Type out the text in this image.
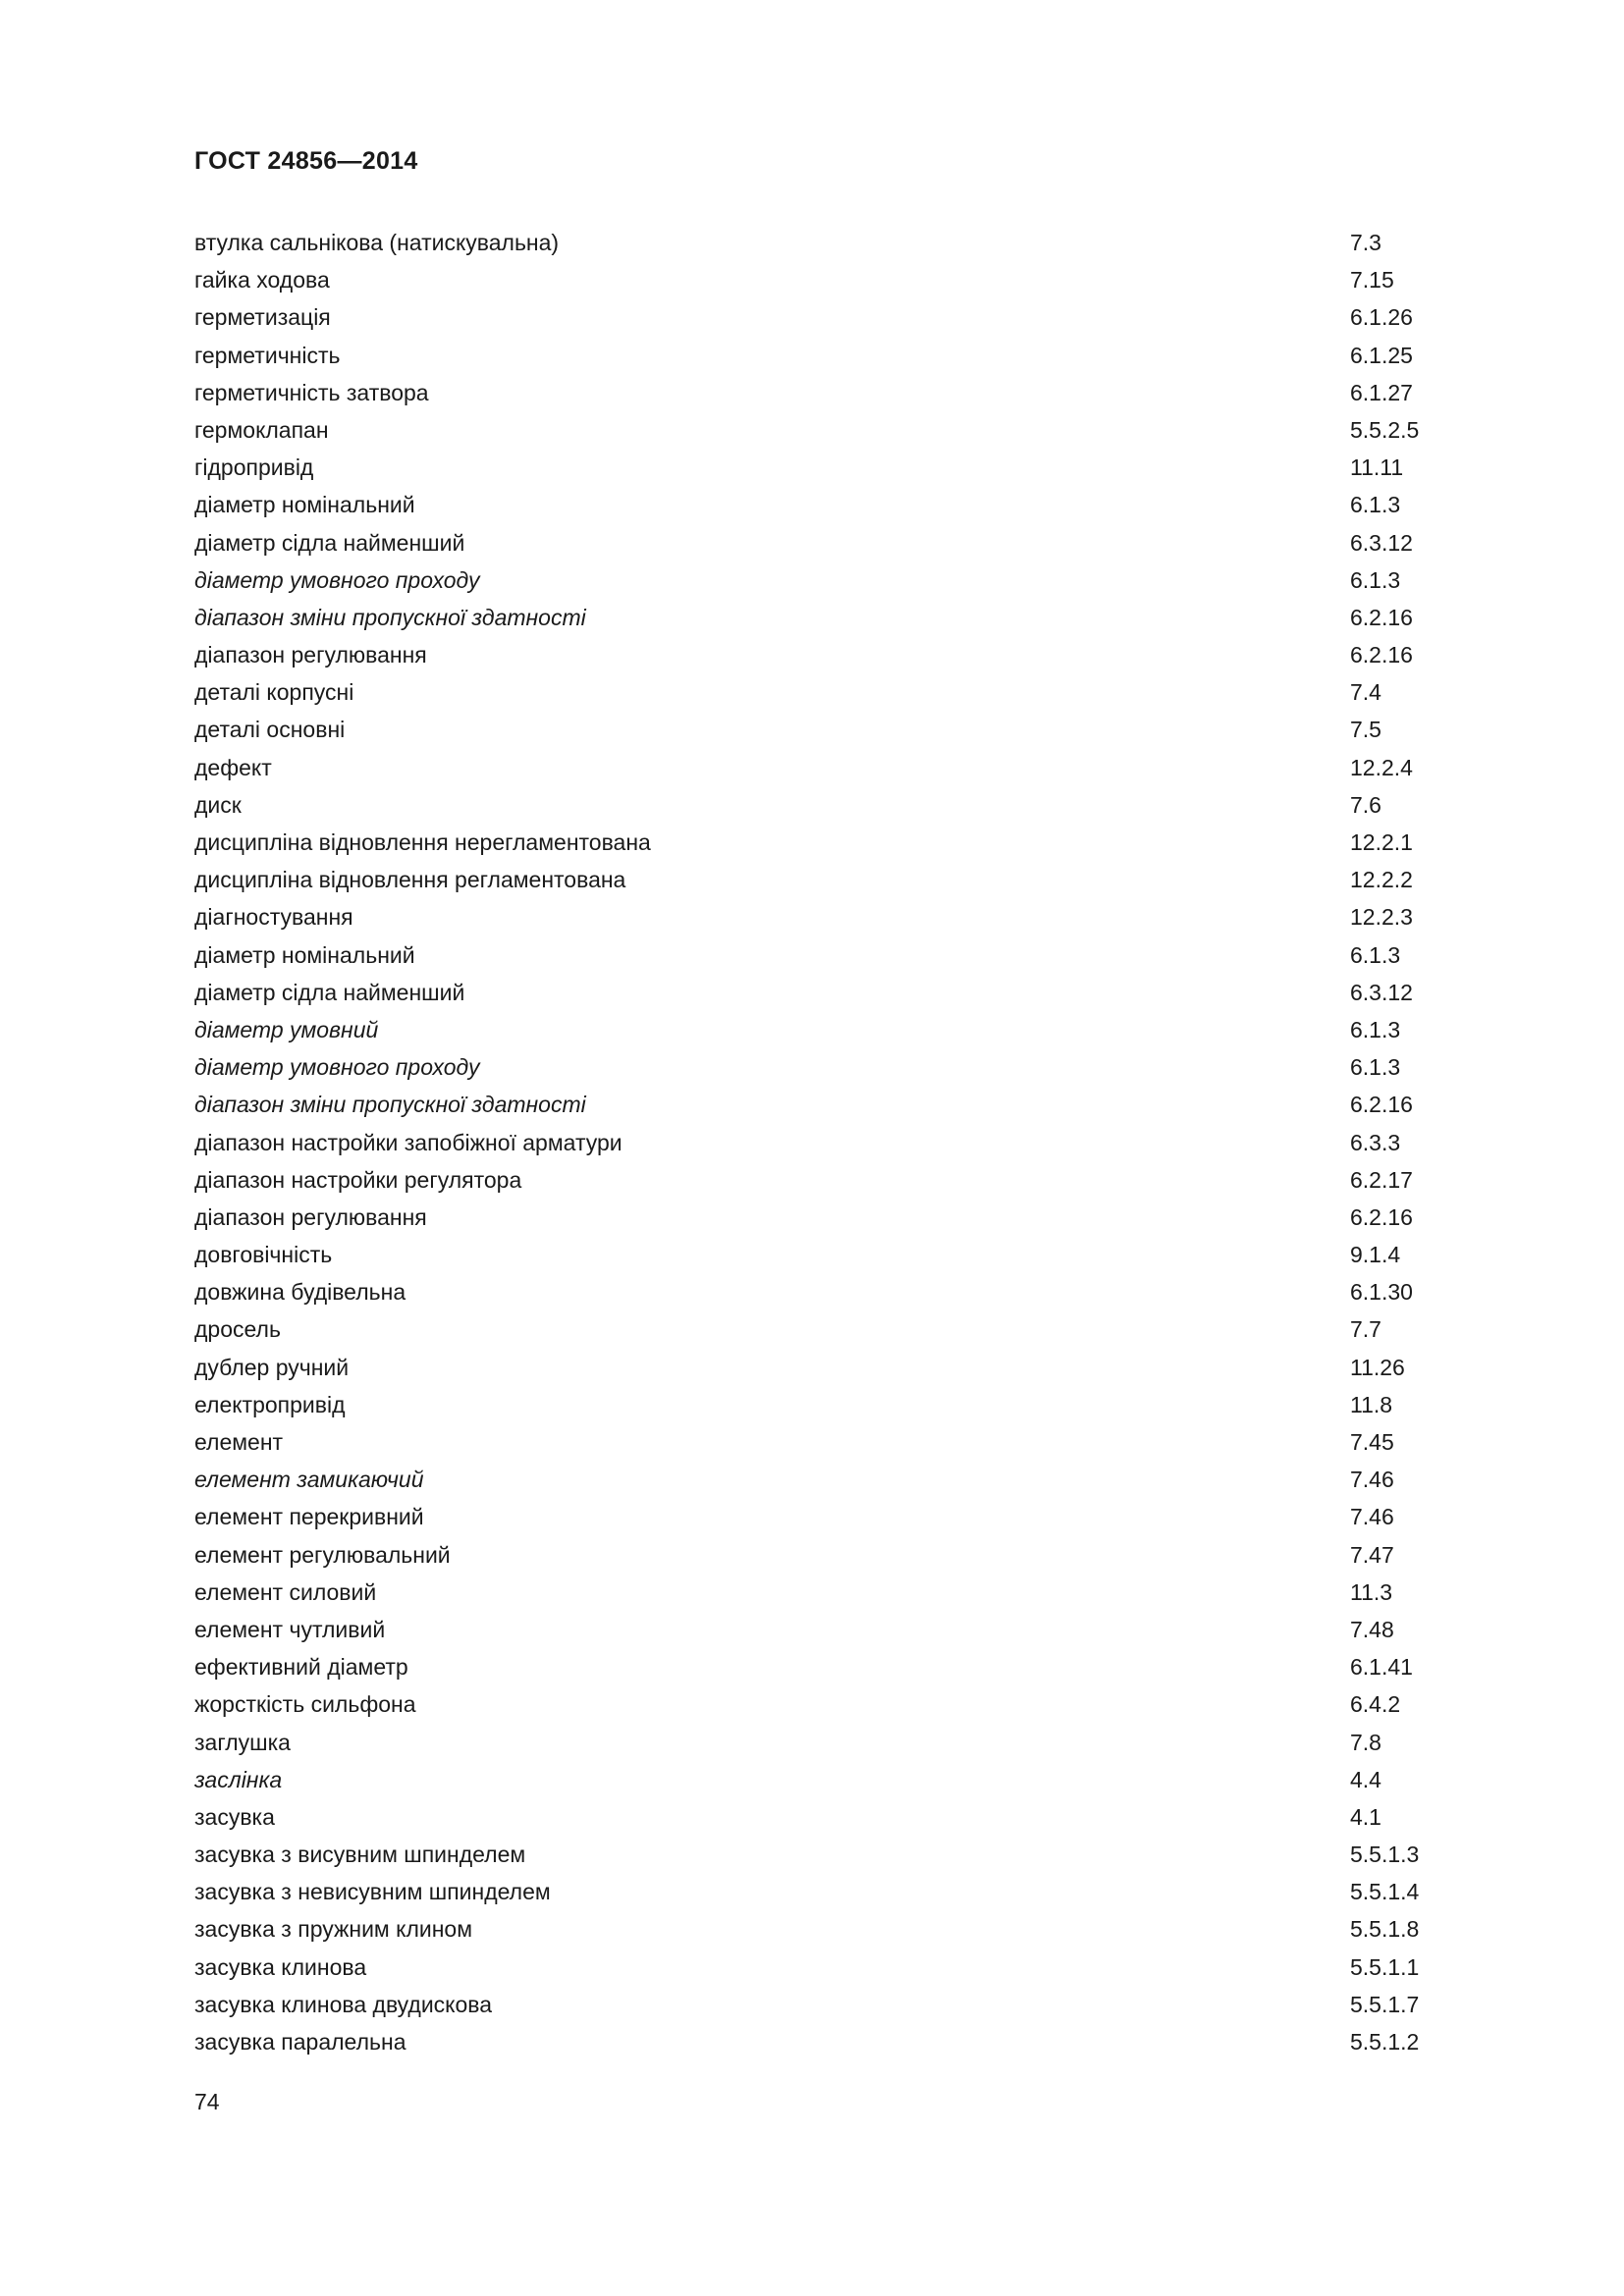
ГОСТ 24856—2014
втулка сальнікова (натискувальна)	7.3
гайка ходова	7.15
герметизація	6.1.26
герметичність	6.1.25
герметичність затвора	6.1.27
гермоклапан	5.5.2.5
гідропривід	11.11
діаметр номінальний	6.1.3
діаметр сідла найменший	6.3.12
діаметр умовного проходу	6.1.3
діапазон зміни пропускної здатності	6.2.16
діапазон регулювання	6.2.16
деталі корпусні	7.4
деталі основні	7.5
дефект	12.2.4
диск	7.6
дисципліна відновлення нерегламентована	12.2.1
дисципліна відновлення регламентована	12.2.2
діагностування	12.2.3
діаметр номінальний	6.1.3
діаметр сідла найменший	6.3.12
діаметр умовний	6.1.3
діаметр умовного проходу	6.1.3
діапазон зміни пропускної здатності	6.2.16
діапазон настройки запобіжної арматури	6.3.3
діапазон настройки регулятора	6.2.17
діапазон регулювання	6.2.16
довговічність	9.1.4
довжина будівельна	6.1.30
дросель	7.7
дублер ручний	11.26
електропривід	11.8
елемент	7.45
елемент замикаючий	7.46
елемент перекривний	7.46
елемент регулювальний	7.47
елемент силовий	11.3
елемент чутливий	7.48
ефективний діаметр	6.1.41
жорсткість сильфона	6.4.2
заглушка	7.8
заслінка	4.4
засувка	4.1
засувка з висувним шпинделем	5.5.1.3
засувка з невисувним шпинделем	5.5.1.4
засувка з пружним клином	5.5.1.8
засувка клинова	5.5.1.1
засувка клинова двудискова	5.5.1.7
засувка паралельна	5.5.1.2
74
